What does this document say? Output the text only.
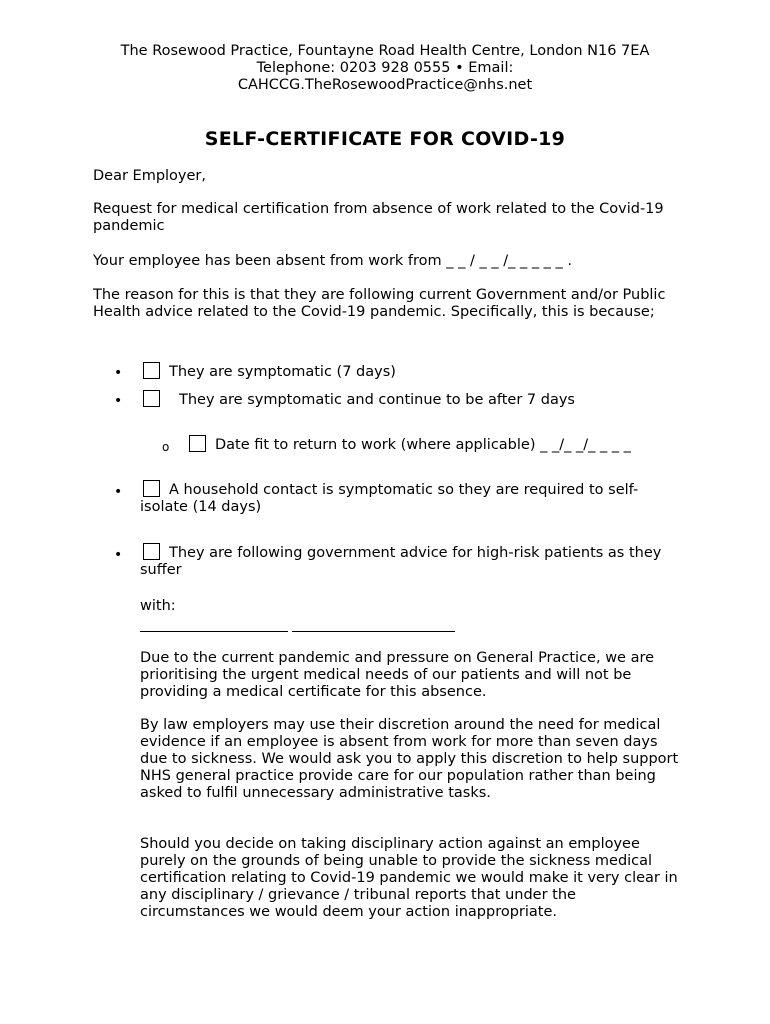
The Rosewood Practice, Fountayne Road Health Centre, London N16 7EA
Telephone: 0203 928 0555 • Email:
CAHCCG.TheRosewoodPractice@nhs.net
SELF-CERTIFICATE FOR COVID-19
Dear Employer,
Request for medical certification from absence of work related to the Covid-19 pandemic
Your employee has been absent from work from _ _ / _ _ /_ _ _ _ _ .
The reason for this is that they are following current Government and/or Public Health advice related to the Covid-19 pandemic. Specifically, this is because;
•	They are symptomatic (7 days)
•	They are symptomatic and continue to be after 7 days
o	Date fit to return to work (where applicable) _ _/_ _/_ _ _ _
•	A household contact is symptomatic so they are required to self-isolate (14 days)
•	They are following government advice for high-risk patients as they suffer
with:
Due to the current pandemic and pressure on General Practice, we are prioritising the urgent medical needs of our patients and will not be providing a medical certificate for this absence.
By law employers may use their discretion around the need for medical evidence if an employee is absent from work for more than seven days due to sickness. We would ask you to apply this discretion to help support NHS general practice provide care for our population rather than being asked to fulfil unnecessary administrative tasks.
Should you decide on taking disciplinary action against an employee purely on the grounds of being unable to provide the sickness medical certification relating to Covid-19 pandemic we would make it very clear in any disciplinary / grievance / tribunal reports that under the circumstances we would deem your action inappropriate.
